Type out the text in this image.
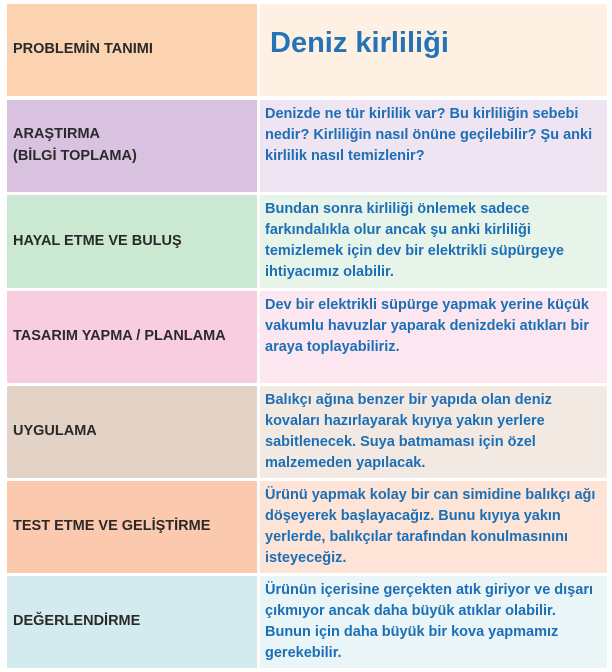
PROBLEMİN TANIMI	Deniz kirliliği
ARAŞTIRMA
(BİLGİ TOPLAMA)
Denizde ne tür kirlilik var? Bu kirliliğin sebebi nedir? Kirliliğin nasıl önüne geçilebilir? Şu anki kirlilik nasıl temizlenir?
HAYAL ETME VE BULUŞ
Bundan sonra kirliliği önlemek sadece farkındalıkla olur ancak şu anki kirliliği temizlemek için dev bir elektrikli süpürgeye ihtiyacımız olabilir.
TASARIM YAPMA / PLANLAMA
Dev bir elektrikli süpürge yapmak yerine küçük vakumlu havuzlar yaparak denizdeki atıkları bir araya toplayabiliriz.
UYGULAMA
Balıkçı ağına benzer bir yapıda olan deniz kovaları hazırlayarak kıyıya yakın yerlere sabitlenecek. Suya batmaması için özel malzemeden yapılacak.
TEST ETME VE GELİŞTİRME
Ürünü yapmak kolay bir can simidine balıkçı ağı döşeyerek başlayacağız. Bunu kıyıya yakın yerlerde, balıkçılar tarafından konulmasınını isteyeceğiz.
DEĞERLENDİRME
Ürünün içerisine gerçekten atık giriyor ve dışarı çıkmıyor ancak daha büyük atıklar olabilir. Bunun için daha büyük bir kova yapmamız gerekebilir.
